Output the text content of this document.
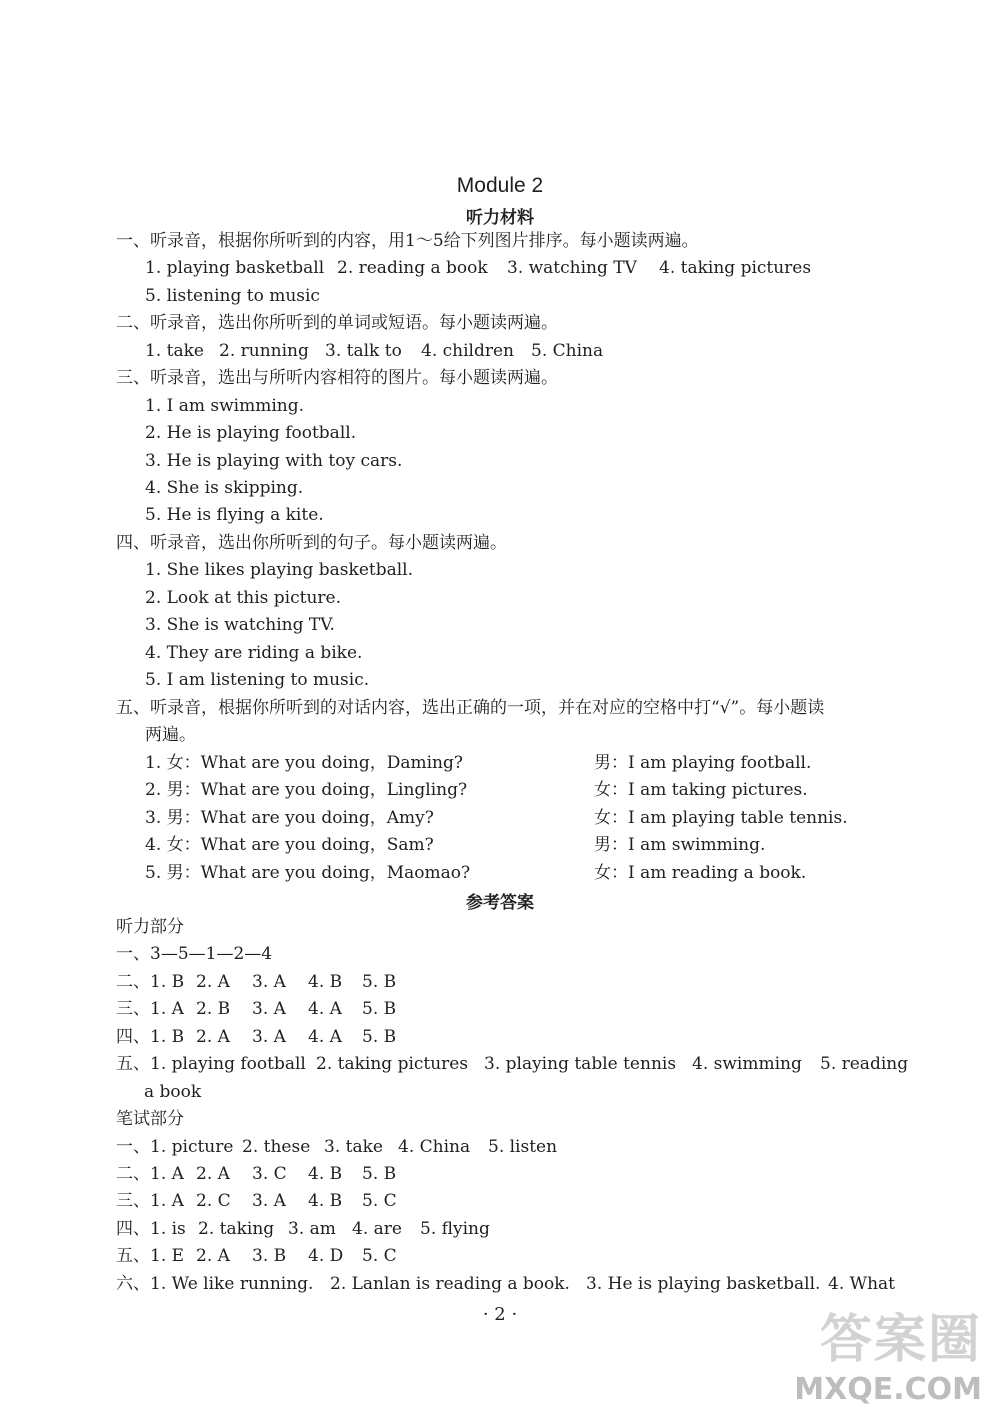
Module 2
听力材料
一、听录音，根据你所听到的内容，用1～5给下列图片排序。每小题读两遍。
1. playing basketball 2. reading a book 3. watching TV 4. taking pictures
5. listening to music
二、听录音，选出你所听到的单词或短语。每小题读两遍。
1. take 2. running 3. talk to 4. children 5. China
三、听录音，选出与所听内容相符的图片。每小题读两遍。
1. I am swimming.
2. He is playing football.
3. He is playing with toy cars.
4. She is skipping.
5. He is flying a kite.
四、听录音，选出你所听到的句子。每小题读两遍。
1. She likes playing basketball.
2. Look at this picture.
3. She is watching TV.
4. They are riding a bike.
5. I am listening to music.
五、听录音，根据你所听到的对话内容，选出正确的一项，并在对应的空格中打“√”。每小题读
两遍。
1. 女：What are you doing，Daming?	男：I am playing football.
2. 男：What are you doing，Lingling?	女：I am taking pictures.
3. 男：What are you doing，Amy?	女：I am playing table tennis.
4. 女：What are you doing，Sam?	男：I am swimming.
5. 男：What are you doing，Maomao?	女：I am reading a book.
参考答案
听力部分
一、3—5—1—2—4
二、1. B 2. A 3. A 4. B 5. B
三、1. A 2. B 3. A 4. A 5. B
四、1. B 2. A 3. A 4. A 5. B
五、1. playing football 2. taking pictures 3. playing table tennis 4. swimming 5. reading
a book
笔试部分
一、1. picture 2. these 3. take 4. China 5. listen
二、1. A 2. A 3. C 4. B 5. B
三、1. A 2. C 3. A 4. B 5. C
四、1. is 2. taking 3. am 4. are 5. flying
五、1. E 2. A 3. B 4. D 5. C
六、1. We like running. 2. Lanlan is reading a book. 3. He is playing basketball. 4. What
· 2 ·	答案圈
MXQE.COM
